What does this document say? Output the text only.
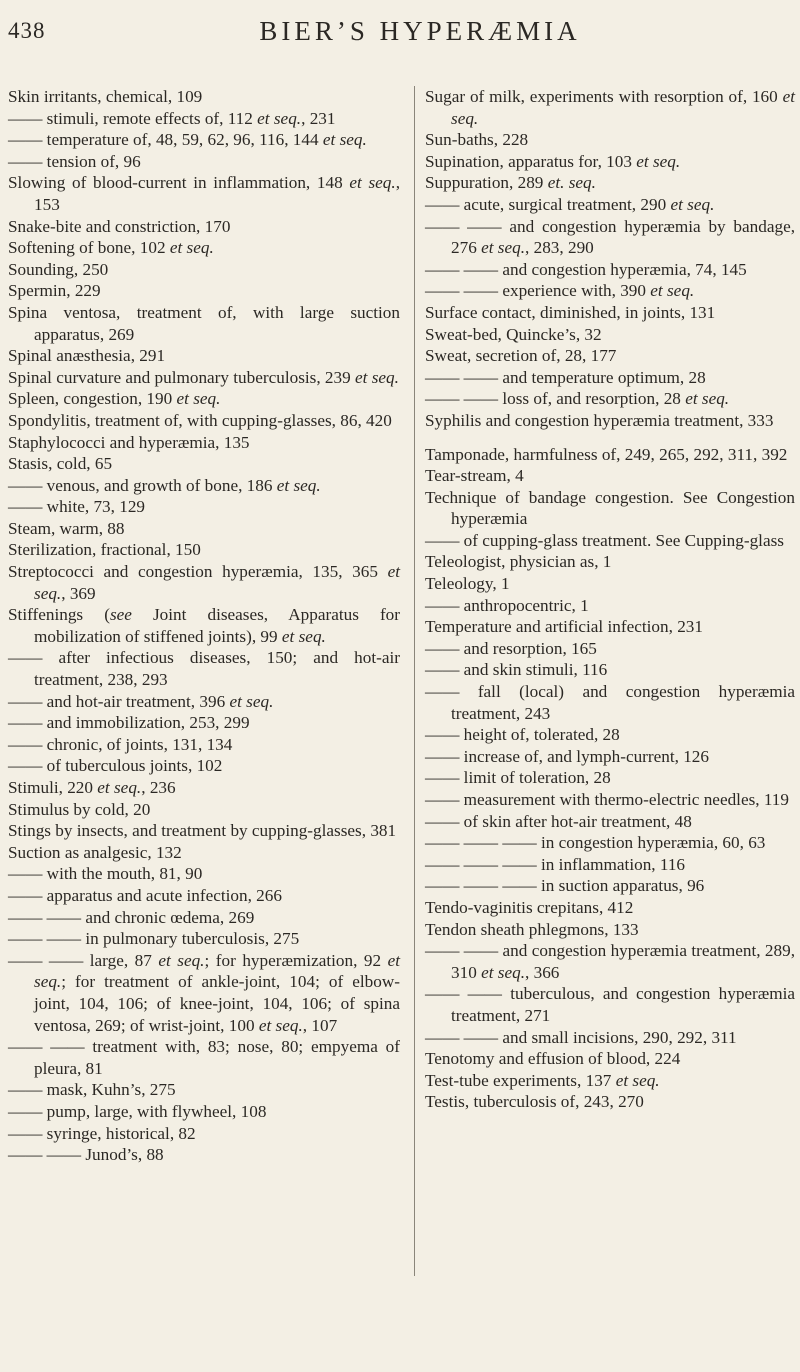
438	BIER’S HYPERÆMIA

Skin irritants, chemical, 109

—— stimuli, remote effects of, 112 et seq., 231

—— temperature of, 48, 59, 62, 96, 116, 144 et seq.

—— tension of, 96

Slowing of blood-current in inflammation, 148 et seq., 153

Snake-bite and constriction, 170

Softening of bone, 102 et seq.

Sounding, 250

Spermin, 229

Spina ventosa, treatment of, with large suction apparatus, 269

Spinal anæsthesia, 291

Spinal curvature and pulmonary tuberculosis, 239 et seq.

Spleen, congestion, 190 et seq.

Spondylitis, treatment of, with cupping-glasses, 86, 420

Staphylococci and hyperæmia, 135

Stasis, cold, 65

—— venous, and growth of bone, 186 et seq.

—— white, 73, 129

Steam, warm, 88

Sterilization, fractional, 150

Streptococci and congestion hyperæmia, 135, 365 et seq., 369

Stiffenings (see Joint diseases, Apparatus for mobilization of stiffened joints), 99 et seq.

—— after infectious diseases, 150; and hot-air treatment, 238, 293

—— and hot-air treatment, 396 et seq.

—— and immobilization, 253, 299

—— chronic, of joints, 131, 134

—— of tuberculous joints, 102

Stimuli, 220 et seq., 236

Stimulus by cold, 20

Stings by insects, and treatment by cupping-glasses, 381

Suction as analgesic, 132

—— with the mouth, 81, 90

—— apparatus and acute infection, 266

—— —— and chronic œdema, 269

—— —— in pulmonary tuberculosis, 275

—— —— large, 87 et seq.; for hyperæmization, 92 et seq.; for treatment of ankle-joint, 104; of elbow-joint, 104, 106; of knee-joint, 104, 106; of spina ventosa, 269; of wrist-joint, 100 et seq., 107

—— —— treatment with, 83; nose, 80; empyema of pleura, 81

—— mask, Kuhn’s, 275

—— pump, large, with flywheel, 108

—— syringe, historical, 82

—— —— Junod’s, 88

Sugar of milk, experiments with resorption of, 160 et seq.

Sun-baths, 228

Supination, apparatus for, 103 et seq.

Suppuration, 289 et. seq.

—— acute, surgical treatment, 290 et seq.

—— —— and congestion hyperæmia by bandage, 276 et seq., 283, 290

—— —— and congestion hyperæmia, 74, 145

—— —— experience with, 390 et seq.

Surface contact, diminished, in joints, 131

Sweat-bed, Quincke’s, 32

Sweat, secretion of, 28, 177

—— —— and temperature optimum, 28

—— —— loss of, and resorption, 28 et seq.

Syphilis and congestion hyperæmia treatment, 333

Tamponade, harmfulness of, 249, 265, 292, 311, 392

Tear-stream, 4

Technique of bandage congestion. See Congestion hyperæmia

—— of cupping-glass treatment. See Cupping-glass

Teleologist, physician as, 1

Teleology, 1

—— anthropocentric, 1

Temperature and artificial infection, 231

—— and resorption, 165

—— and skin stimuli, 116

—— fall (local) and congestion hyperæmia treatment, 243

—— height of, tolerated, 28

—— increase of, and lymph-current, 126

—— limit of toleration, 28

—— measurement with thermo-electric needles, 119

—— of skin after hot-air treatment, 48

—— —— —— in congestion hyperæmia, 60, 63

—— —— —— in inflammation, 116

—— —— —— in suction apparatus, 96

Tendo-vaginitis crepitans, 412

Tendon sheath phlegmons, 133

—— —— and congestion hyperæmia treatment, 289, 310 et seq., 366

—— —— tuberculous, and congestion hyperæmia treatment, 271

—— —— and small incisions, 290, 292, 311

Tenotomy and effusion of blood, 224

Test-tube experiments, 137 et seq.

Testis, tuberculosis of, 243, 270
